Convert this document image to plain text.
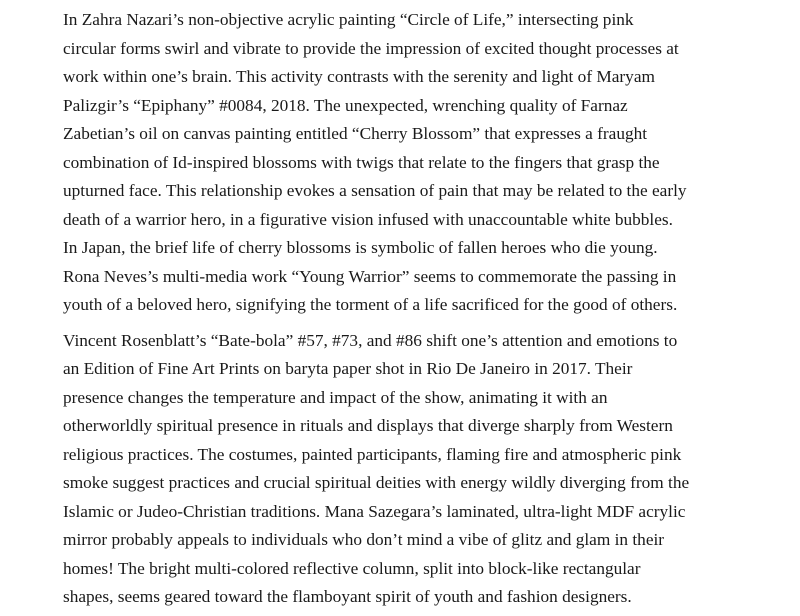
In Zahra Nazari’s non-objective acrylic painting “Circle of Life,” intersecting pink
circular forms swirl and vibrate to provide the impression of excited thought processes at
work within one’s brain. This activity contrasts with the serenity and light of Maryam
Palizgir’s “Epiphany” #0084, 2018. The unexpected, wrenching quality of Farnaz
Zabetian’s oil on canvas painting entitled “Cherry Blossom” that expresses a fraught
combination of Id-inspired blossoms with twigs that relate to the fingers that grasp the
upturned face. This relationship evokes a sensation of pain that may be related to the early
death of a warrior hero, in a figurative vision infused with unaccountable white bubbles.
In Japan, the brief life of cherry blossoms is symbolic of fallen heroes who die young.
Rona Neves’s multi-media work “Young Warrior” seems to commemorate the passing in
youth of a beloved hero, signifying the torment of a life sacrificed for the good of others.

Vincent Rosenblatt’s “Bate-bola” #57, #73, and #86 shift one’s attention and emotions to
an Edition of Fine Art Prints on baryta paper shot in Rio De Janeiro in 2017. Their
presence changes the temperature and impact of the show, animating it with an
otherworldly spiritual presence in rituals and displays that diverge sharply from Western
religious practices. The costumes, painted participants, flaming fire and atmospheric pink
smoke suggest practices and crucial spiritual deities with energy wildly diverging from the
Islamic or Judeo-Christian traditions. Mana Sazegara’s laminated, ultra-light MDF acrylic
mirror probably appeals to individuals who don’t mind a vibe of glitz and glam in their
homes! The bright multi-colored reflective column, split into block-like rectangular
shapes, seems geared toward the flamboyant spirit of youth and fashion designers.
